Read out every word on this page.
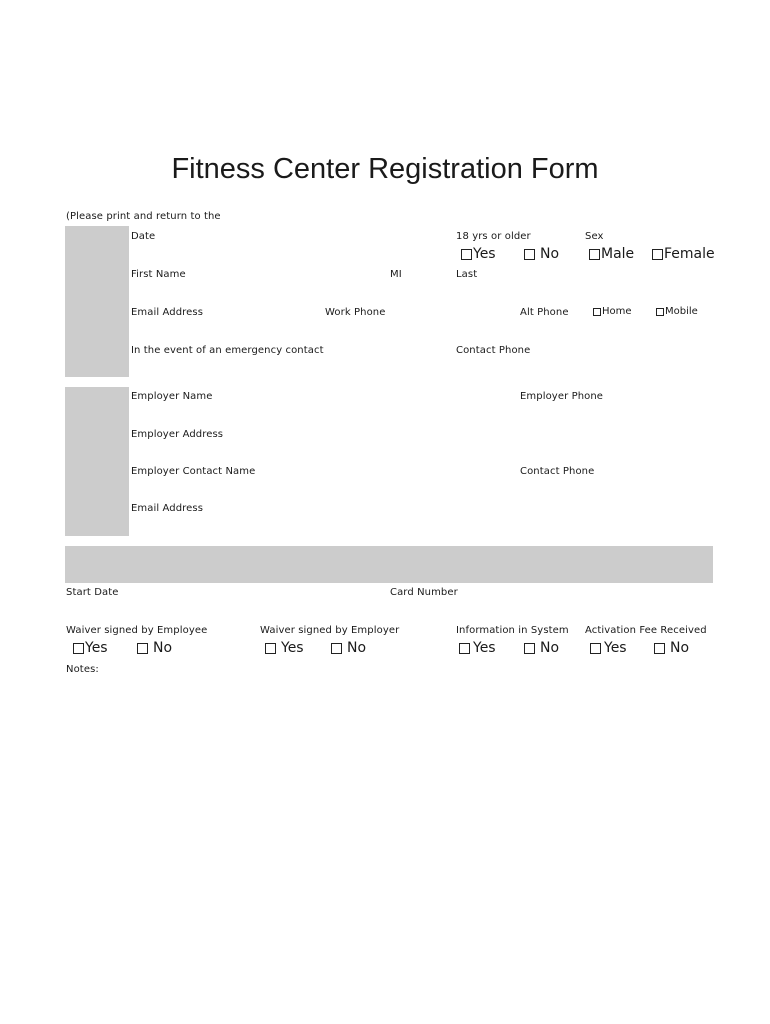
Fitness Center Registration Form
(Please print and return to the
Date	18 yrs or older	Sex
Yes	No	Male Female
First Name	MI	Last
Email Address	Work Phone	Alt Phone	Home	Mobile
In the event of an emergency contact	Contact Phone
Employer Name	Employer Phone
Employer Address
Employer Contact Name	Contact Phone
Email Address
Start Date	Card Number
Waiver signed by Employee	Waiver signed by Employer	Information in System Activation Fee Received
Yes	No	Yes	No	Yes	No	Yes	No
Notes:
